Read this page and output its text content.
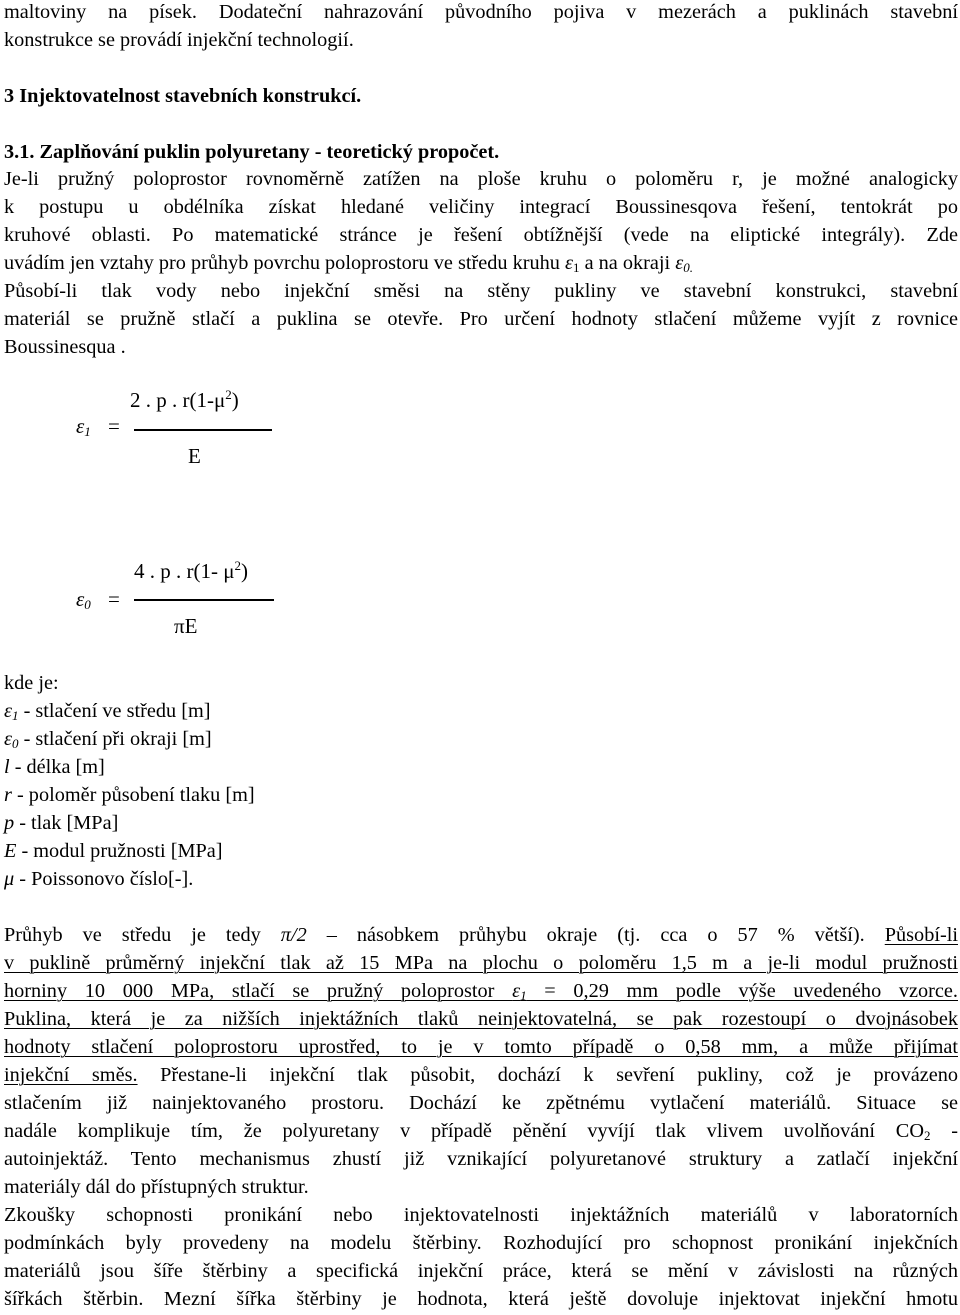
maltoviny na písek. Dodateční nahrazování původního pojiva v mezerách a puklinách stavební
konstrukce se provádí injekční technologií.
3 Injektovatelnost stavebních konstrukcí.
3.1. Zaplňování puklin polyuretany - teoretický propočet.
Je-li pružný poloprostor rovnoměrně zatížen na ploše kruhu o poloměru r, je možné analogicky
k postupu u obdélníka získat hledané veličiny integrací Boussinesqova řešení, tentokrát po
kruhové oblasti. Po matematické stránce je řešení obtížnější (vede na eliptické integrály). Zde
uvádím jen vztahy pro průhyb povrchu poloprostoru ve středu kruhu $\varepsilon_1$ a na okraji $\varepsilon_{0.}$
Působí-li tlak vody nebo injekční směsi na stěny pukliny ve stavební konstrukci, stavební
materiál se pružně stlačí a puklina se otevře. Pro určení hodnoty stlačení můžeme vyjít z rovnice
Boussinesqua .
$\varepsilon_1$ =
2 . p . $r(1-\mu^2)$
E
$\varepsilon_0$ =
4 . p . r(1- $\mu^2$)
πE
kde je:
$\varepsilon_1$ - stlačení ve středu [m]
$\varepsilon_0$ - stlačení při okraji [m]
l - délka [m]
r - poloměr působení tlaku [m]
p - tlak [MPa]
E - modul pružnosti [MPa]
μ - Poissonovo číslo[-].
Průhyb ve středu je tedy π/2 – násobkem průhybu okraje (tj. cca o 57 % větší). Působí-li
v puklině průměrný injekční tlak až 15 MPa na plochu o poloměru 1,5 m a je-li modul pružnosti
horniny 10 000 MPa, stlačí se pružný poloprostor $\varepsilon_1 = 0,29$ mm podle výše uvedeného vzorce.
Puklina, která je za nižších injektážních tlaků neinjektovatelná, se pak rozestoupí o dvojnásobek
hodnoty stlačení poloprostoru uprostřed, to je v tomto případě o 0,58 mm, a může přijímat
injekční směs. Přestane-li injekční tlak působit, dochází k sevření pukliny, což je provázeno
stlačením již nainjektovaného prostoru. Dochází ke zpětnému vytlačení materiálů. Situace se
nadále komplikuje tím, že polyuretany v případě pěnění vyvíjí tlak vlivem uvolňování $CO_2$ -
autoinjektáž. Tento mechanismus zhustí již vznikající polyuretanové struktury a zatlačí injekční
materiály dál do přístupných struktur.
Zkoušky schopnosti pronikání nebo injektovatelnosti injektážních materiálů v laboratorních
podmínkách byly provedeny na modelu štěrbiny. Rozhodující pro schopnost pronikání injekčních
materiálů jsou šíře štěrbiny a specifická injekční práce, která se mění v závislosti na různých
šířkách štěrbin. Mezní šířka štěrbiny je hodnota, která ještě dovoluje injektovat injekční hmotu
